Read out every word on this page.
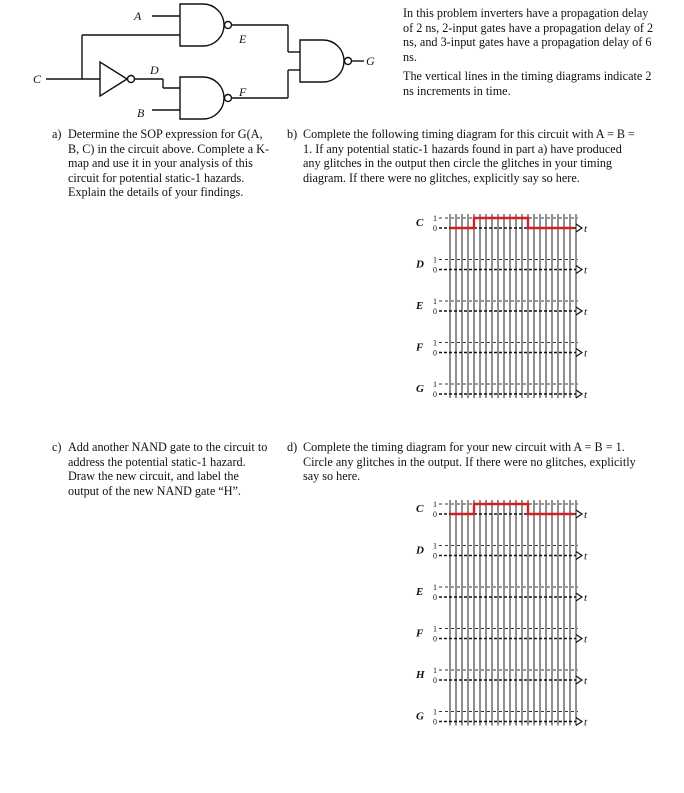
A
C
D
E
F
B
G

In this problem inverters have a propagation delay of 2 ns, 2-input gates have a propagation delay of 2 ns, and 3-input gates have a propagation delay of 6 ns.

The vertical lines in the timing diagrams indicate 2 ns increments in time.

a) Determine the SOP expression for G(A, B, C) in the circuit above. Complete a K-map and use it in your analysis of this circuit for potential static-1 hazards. Explain the details of your findings.

b) Complete the following timing diagram for this circuit with A = B = 1. If any potential static-1 hazards found in part a) have produced any glitches in the output then circle the glitches in your timing diagram. If there were no glitches, explicitly say so here.

c) Add another NAND gate to the circuit to address the potential static-1 hazard. Draw the new circuit, and label the output of the new NAND gate “H”.

d) Complete the timing diagram for your new circuit with A = B = 1. Circle any glitches in the output. If there were no glitches, explicitly say so here.

C 1
0	t
D 1
0	t
E 1
0	t
F 1
0	t
G 1
0	t
C 1
0	t
D 1
0	t
E 1
0	t
F 1
0	t
H 1
0	t
G 1
0	t
